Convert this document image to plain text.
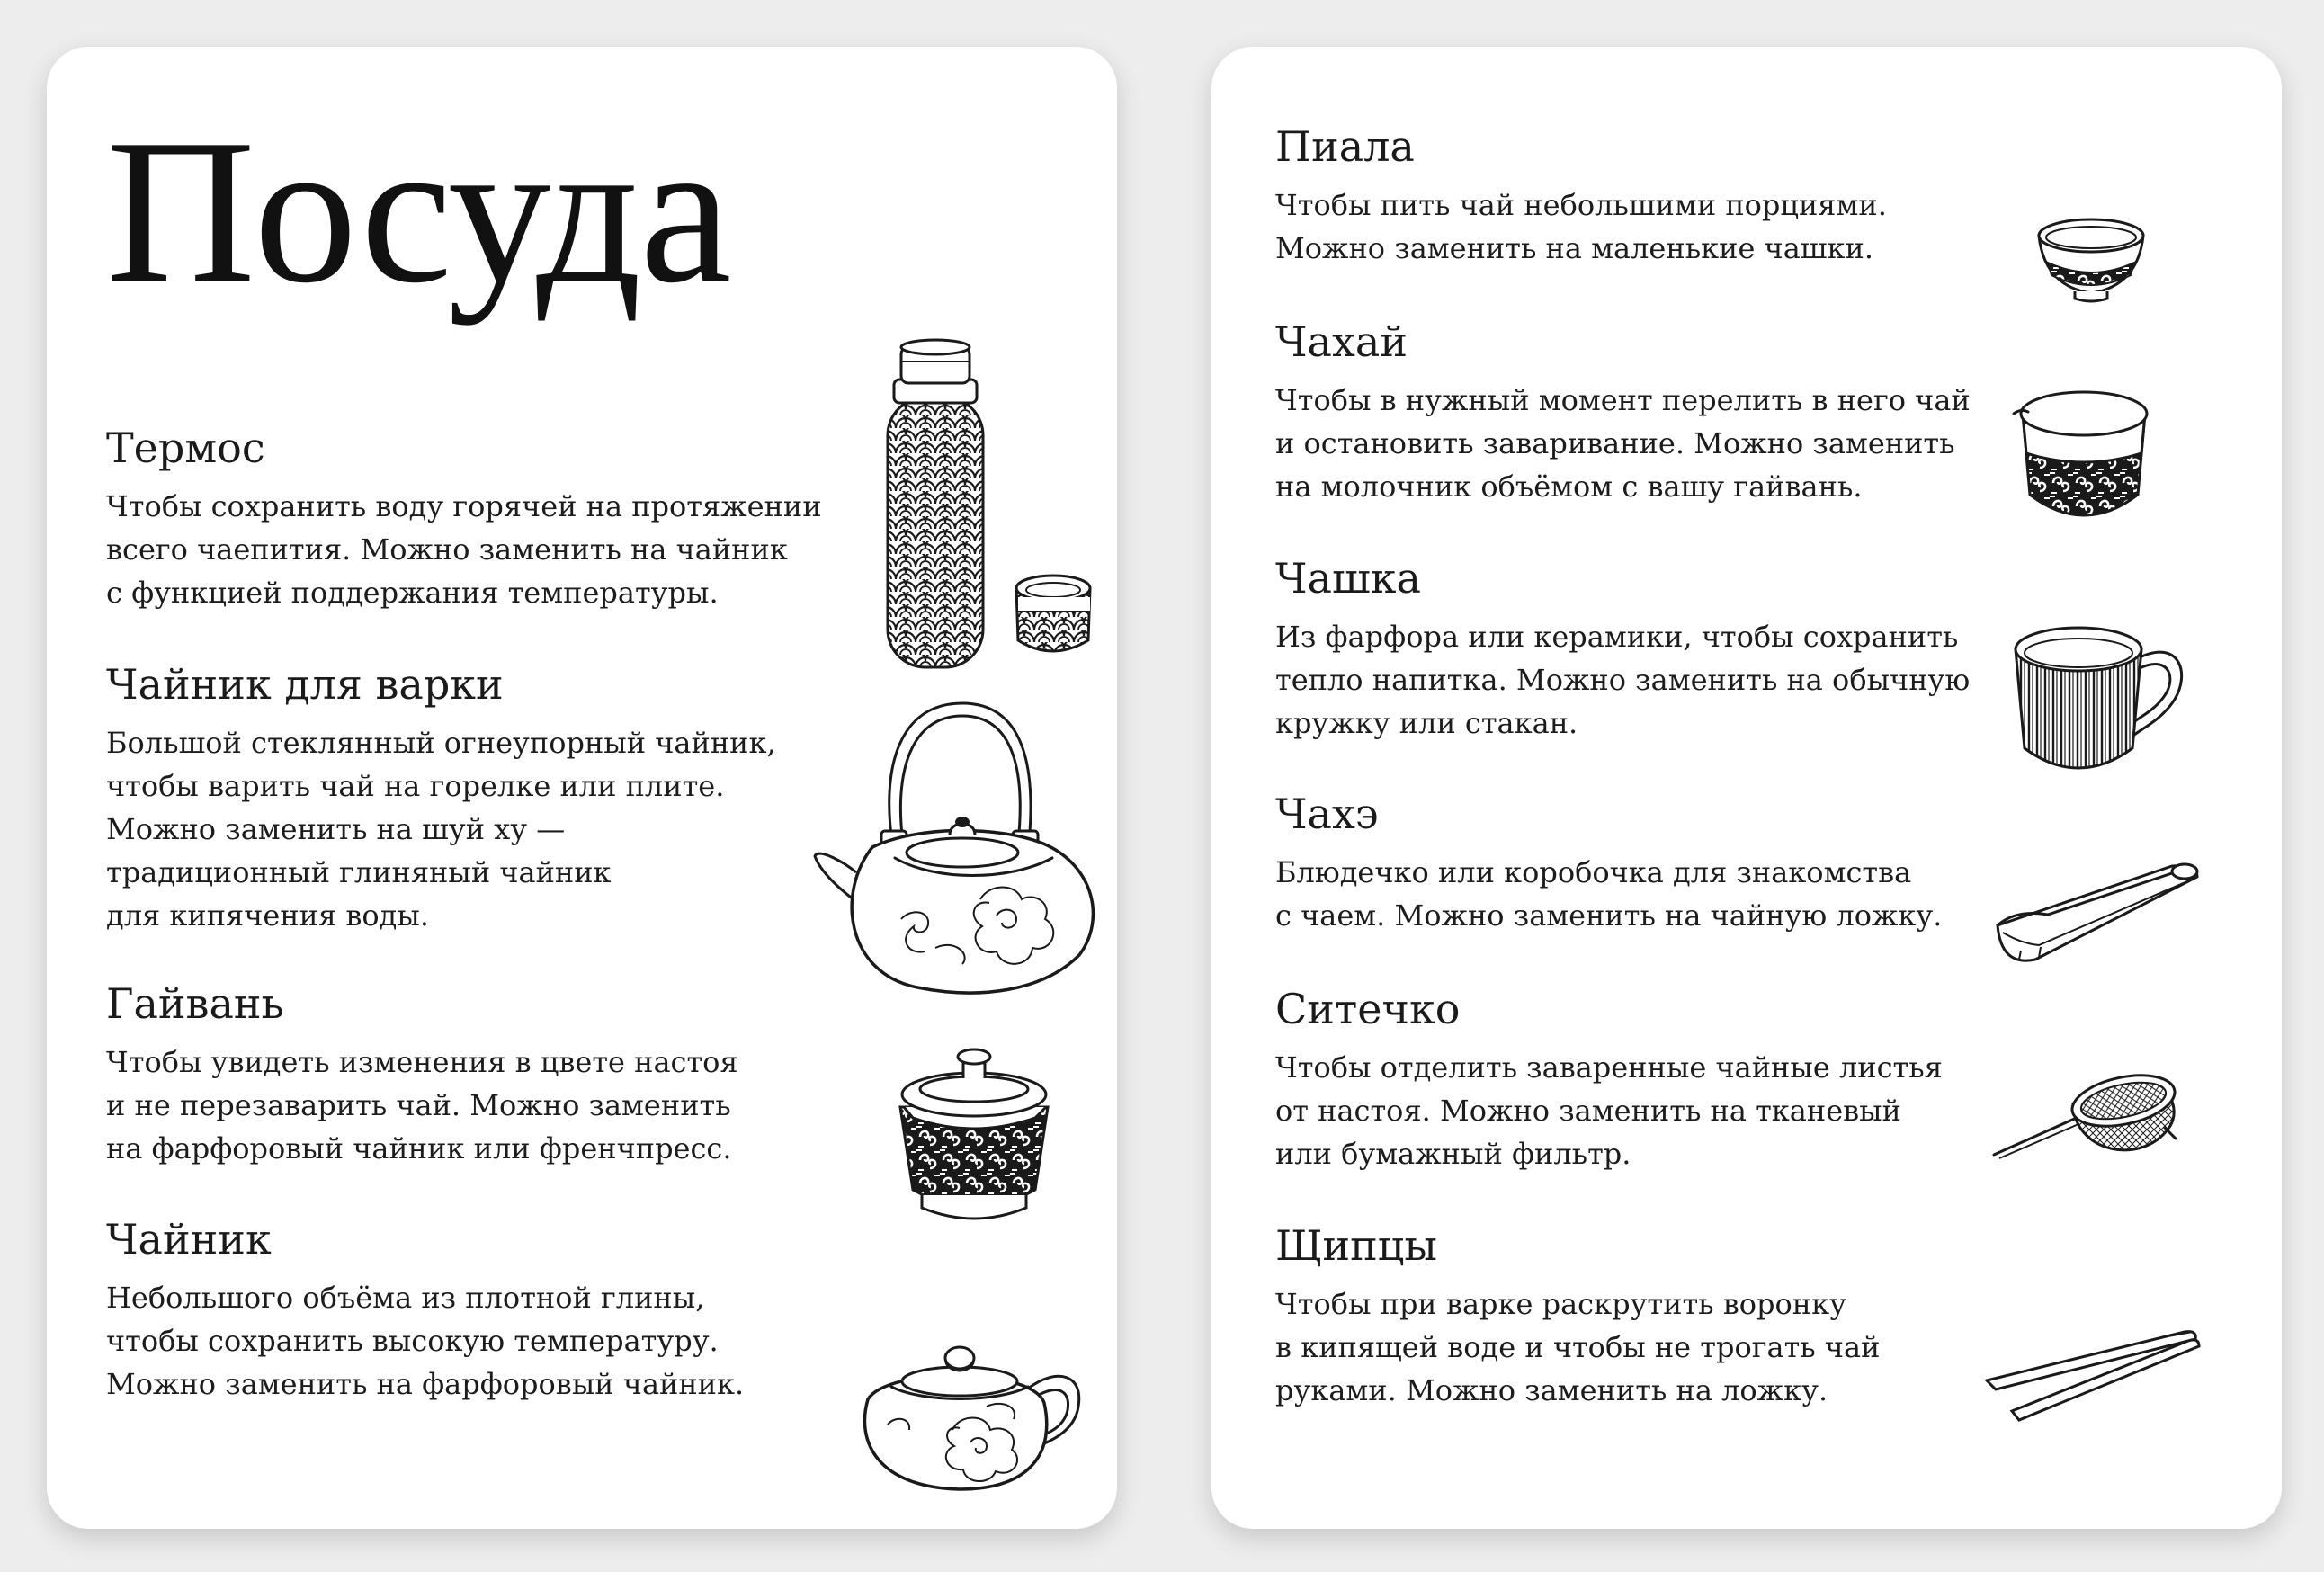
Посуда
Термос
Чтобы сохранить воду горячей на протяжении
всего чаепития. Можно заменить на чайник
с функцией поддержания температуры.
Чайник для варки
Большой стеклянный огнеупорный чайник,
чтобы варить чай на горелке или плите.
Можно заменить на шуй ху —
традиционный глиняный чайник
для кипячения воды.
Гайвань
Чтобы увидеть изменения в цвете настоя
и не перезаварить чай. Можно заменить
на фарфоровый чайник или френчпресс.
Чайник
Небольшого объёма из плотной глины,
чтобы сохранить высокую температуру.
Можно заменить на фарфоровый чайник.
Пиала
Чтобы пить чай небольшими порциями.
Можно заменить на маленькие чашки.
Чахай
Чтобы в нужный момент перелить в него чай
и остановить заваривание. Можно заменить
на молочник объёмом с вашу гайвань.
Чашка
Из фарфора или керамики, чтобы сохранить
тепло напитка. Можно заменить на обычную
кружку или стакан.
Чахэ
Блюдечко или коробочка для знакомства
с чаем. Можно заменить на чайную ложку.
Ситечко
Чтобы отделить заваренные чайные листья
от настоя. Можно заменить на тканевый
или бумажный фильтр.
Щипцы
Чтобы при варке раскрутить воронку
в кипящей воде и чтобы не трогать чай
руками. Можно заменить на ложку.
